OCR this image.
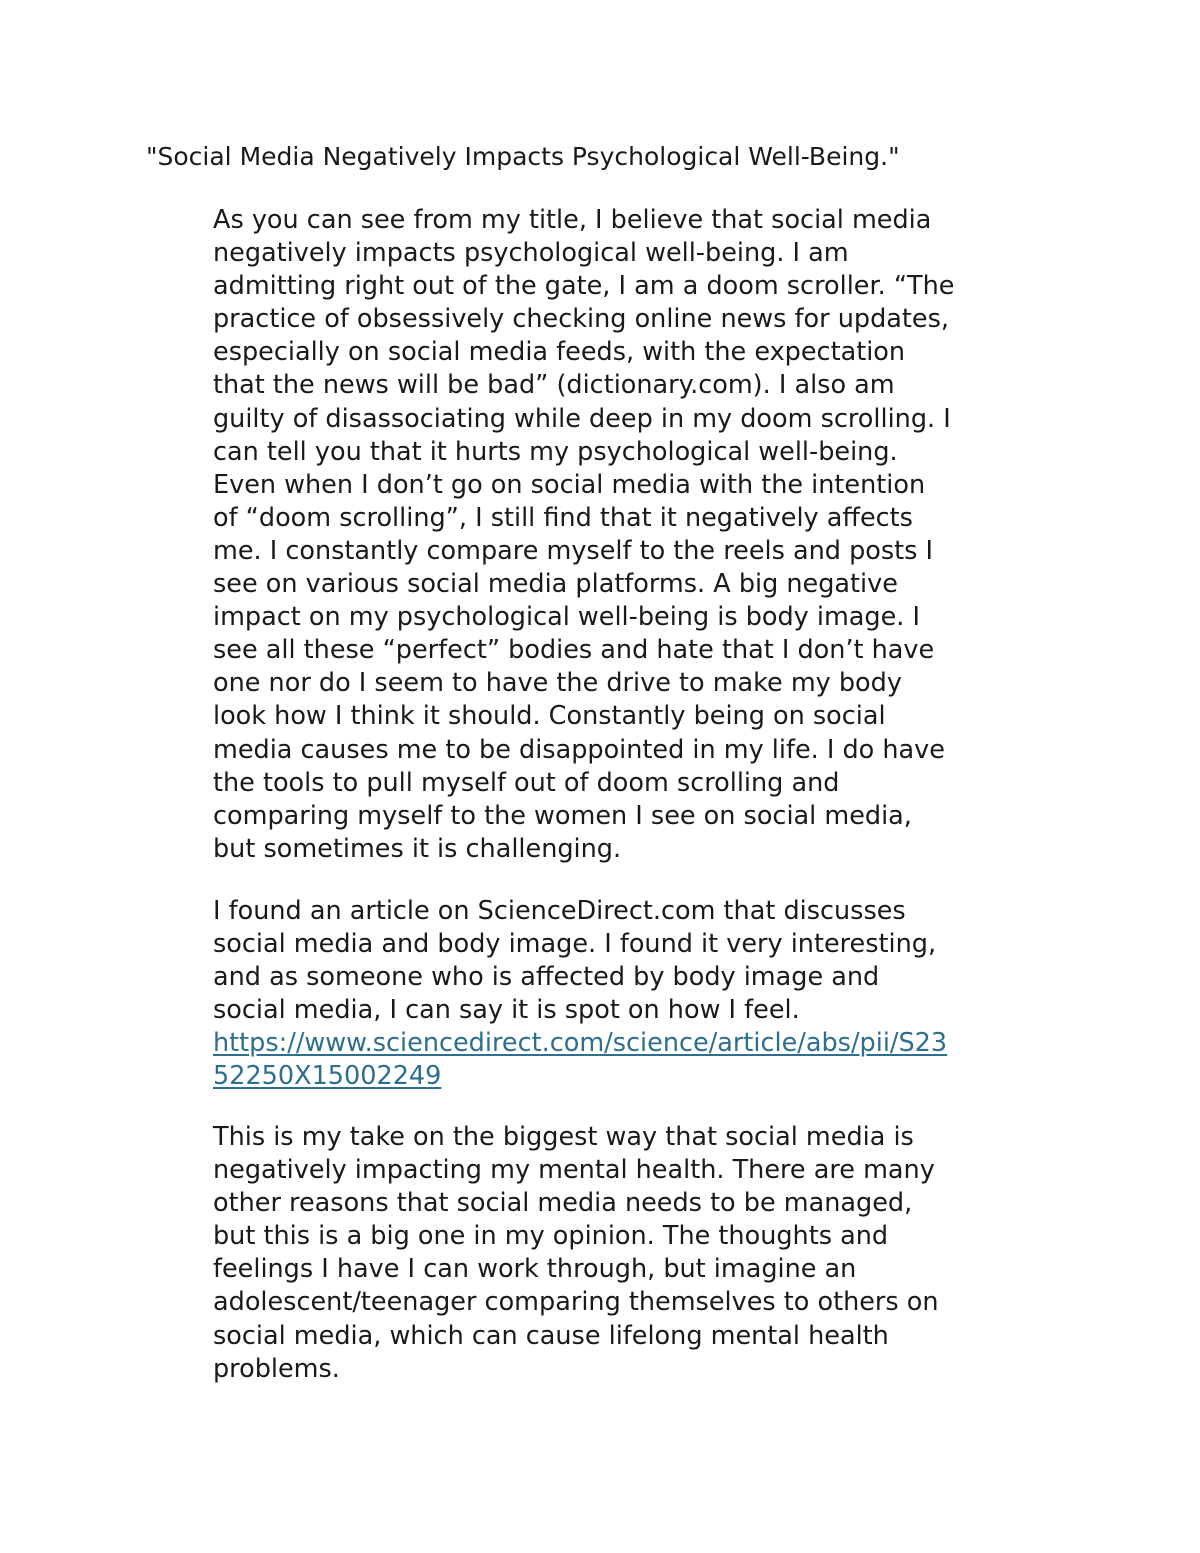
"Social Media Negatively Impacts Psychological Well-Being."

As you can see from my title, I believe that social media
negatively impacts psychological well-being. I am
admitting right out of the gate, I am a doom scroller. “The
practice of obsessively checking online news for updates,
especially on social media feeds, with the expectation
that the news will be bad” (dictionary.com). I also am
guilty of disassociating while deep in my doom scrolling. I
can tell you that it hurts my psychological well-being.
Even when I don’t go on social media with the intention
of “doom scrolling”, I still find that it negatively affects
me. I constantly compare myself to the reels and posts I
see on various social media platforms. A big negative
impact on my psychological well-being is body image. I
see all these “perfect” bodies and hate that I don’t have
one nor do I seem to have the drive to make my body
look how I think it should. Constantly being on social
media causes me to be disappointed in my life. I do have
the tools to pull myself out of doom scrolling and
comparing myself to the women I see on social media,
but sometimes it is challenging.

I found an article on ScienceDirect.com that discusses
social media and body image. I found it very interesting,
and as someone who is affected by body image and
social media, I can say it is spot on how I feel.
https://www.sciencedirect.com/science/article/abs/pii/S23
52250X15002249

This is my take on the biggest way that social media is
negatively impacting my mental health. There are many
other reasons that social media needs to be managed,
but this is a big one in my opinion. The thoughts and
feelings I have I can work through, but imagine an
adolescent/teenager comparing themselves to others on
social media, which can cause lifelong mental health
problems.
